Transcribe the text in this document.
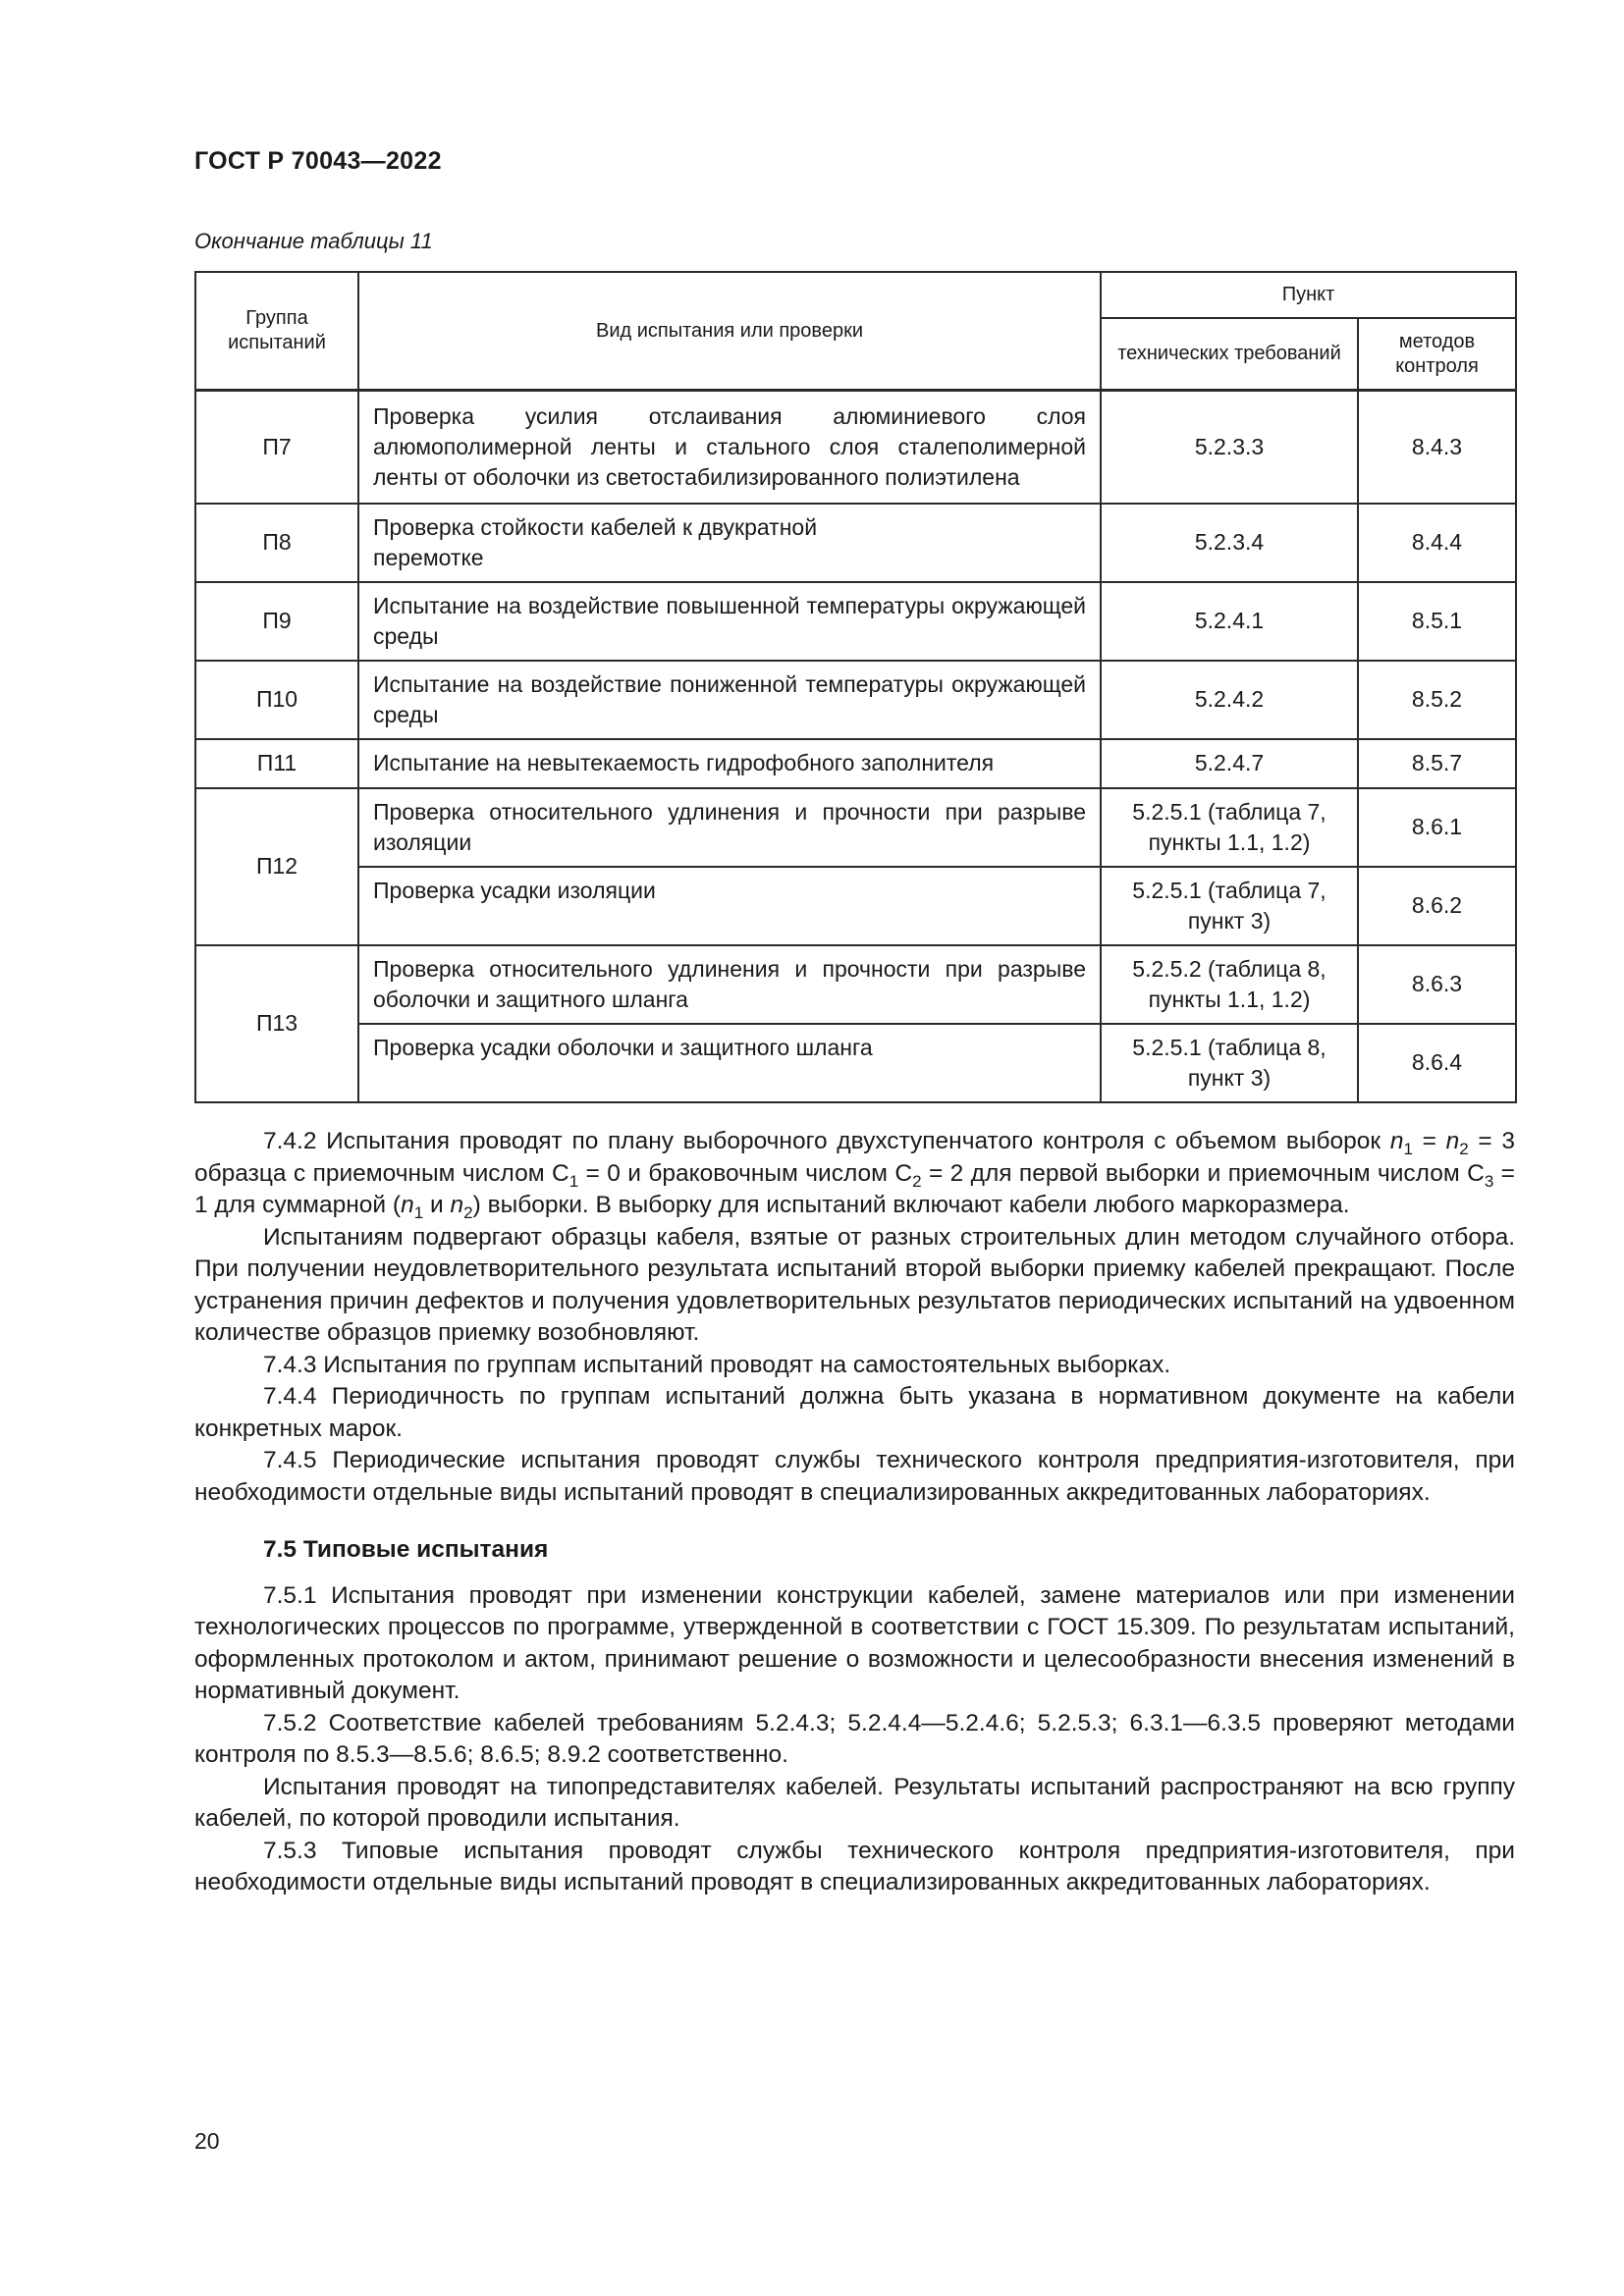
ГОСТ Р 70043—2022
Окончание таблицы 11
Группа испытаний	Вид испытания или проверки	Пункт	
		технических требований	методов контроля
П7	Проверка усилия отслаивания алюминиевого слоя алюмополимерной ленты и стального слоя сталеполимерной ленты от оболочки из светостабилизированного полиэтилена	5.2.3.3	8.4.3
П8	Проверка стойкости кабелей к двукратной перемотке	5.2.3.4	8.4.4
П9	Испытание на воздействие повышенной температуры окружающей среды	5.2.4.1	8.5.1
П10	Испытание на воздействие пониженной температуры окружающей среды	5.2.4.2	8.5.2
П11	Испытание на невытекаемость гидрофобного заполнителя	5.2.4.7	8.5.7
П12	Проверка относительного удлинения и прочности при разрыве изоляции	5.2.5.1 (таблица 7, пункты 1.1, 1.2)	8.6.1
	Проверка усадки изоляции	5.2.5.1 (таблица 7, пункт 3)	8.6.2
П13	Проверка относительного удлинения и прочности при разрыве оболочки и защитного шланга	5.2.5.2 (таблица 8, пункты 1.1, 1.2)	8.6.3
	Проверка усадки оболочки и защитного шланга	5.2.5.1 (таблица 8, пункт 3)	8.6.4

7.4.2 Испытания проводят по плану выборочного двухступенчатого контроля с объемом выборок $n_1 = n_2 = 3$ образца с приемочным числом $С_1 = 0$ и браковочным числом $С_2 = 2$ для первой выборки и приемочным числом $С_3 = 1$ для суммарной ($n_1$ и $n_2$) выборки. В выборку для испытаний включают кабели любого маркоразмера.

Испытаниям подвергают образцы кабеля, взятые от разных строительных длин методом случайного отбора. При получении неудовлетворительного результата испытаний второй выборки приемку кабелей прекращают. После устранения причин дефектов и получения удовлетворительных результатов периодических испытаний на удвоенном количестве образцов приемку возобновляют.

7.4.3 Испытания по группам испытаний проводят на самостоятельных выборках.

7.4.4 Периодичность по группам испытаний должна быть указана в нормативном документе на кабели конкретных марок.

7.4.5 Периодические испытания проводят службы технического контроля предприятия-изготовителя, при необходимости отдельные виды испытаний проводят в специализированных аккредитованных лабораториях.

7.5 Типовые испытания

7.5.1 Испытания проводят при изменении конструкции кабелей, замене материалов или при изменении технологических процессов по программе, утвержденной в соответствии с ГОСТ 15.309. По результатам испытаний, оформленных протоколом и актом, принимают решение о возможности и целесообразности внесения изменений в нормативный документ.

7.5.2 Соответствие кабелей требованиям 5.2.4.3; 5.2.4.4—5.2.4.6; 5.2.5.3; 6.3.1—6.3.5 проверяют методами контроля по 8.5.3—8.5.6; 8.6.5; 8.9.2 соответственно.

Испытания проводят на типопредставителях кабелей. Результаты испытаний распространяют на всю группу кабелей, по которой проводили испытания.

7.5.3 Типовые испытания проводят службы технического контроля предприятия-изготовителя, при необходимости отдельные виды испытаний проводят в специализированных аккредитованных лабораториях.

20
